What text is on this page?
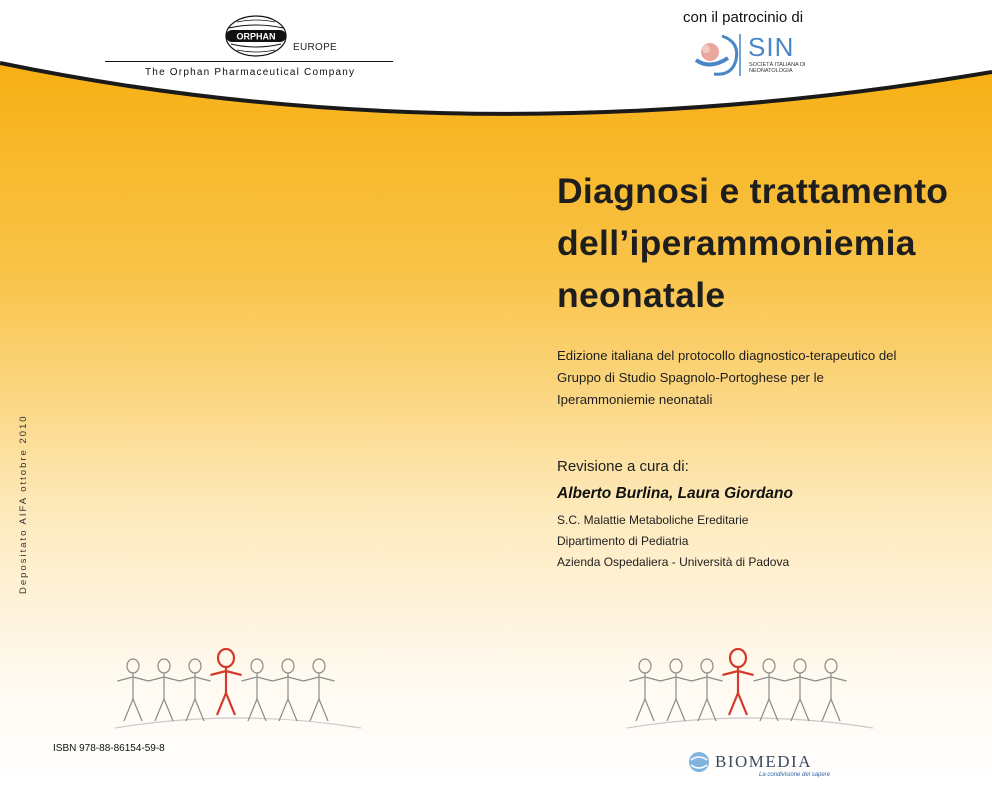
ORPHAN
EUROPE
The Orphan Pharmaceutical Company
con il patrocinio di
SIN
SOCIETÀ ITALIANA DI NEONATOLOGIA
Diagnosi e trattamento
dell’iperammoniemia
neonatale
Edizione italiana del protocollo diagnostico-terapeutico del
Gruppo di Studio Spagnolo-Portoghese per le
Iperammoniemie neonatali
Revisione a cura di:
Alberto Burlina, Laura Giordano
S.C. Malattie Metaboliche Ereditarie
Dipartimento di Pediatria
Azienda Ospedaliera - Università di Padova
Depositato AIFA ottobre 2010
ISBN 978-88-86154-59-8
BIOMEDIA
La condivisione del sapere
